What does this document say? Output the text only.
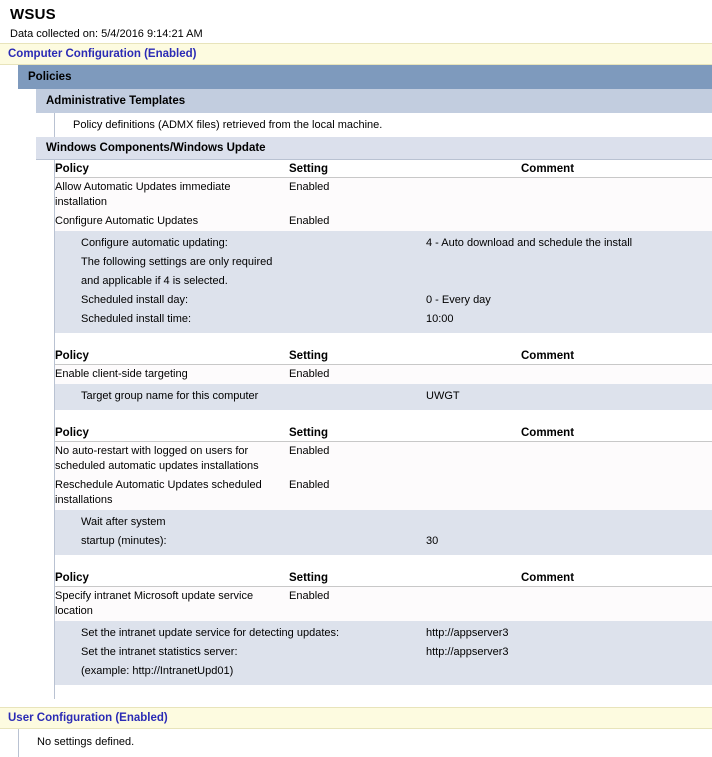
WSUS
Data collected on: 5/4/2016 9:14:21 AM
Computer Configuration (Enabled)
Policies
Administrative Templates
Policy definitions (ADMX files) retrieved from the local machine.
Windows Components/Windows Update
Policy	Setting	Comment
Allow Automatic Updates immediate installation	Enabled	
Configure Automatic Updates	Enabled	

Configure automatic updating:	4 - Auto download and schedule the install
The following settings are only required	
and applicable if 4 is selected.	
Scheduled install day:	0 - Every day
Scheduled install time:	10:00
Policy	Setting	Comment
Enable client-side targeting	Enabled	

Target group name for this computer	UWGT
Policy	Setting	Comment
No auto-restart with logged on users for scheduled automatic updates installations	Enabled	
Reschedule Automatic Updates scheduled installations	Enabled	

Wait after system	
startup (minutes):	30
Policy	Setting	Comment
Specify intranet Microsoft update service location	Enabled	

Set the intranet update service for detecting updates:	http://appserver3
Set the intranet statistics server:	http://appserver3
(example: http://IntranetUpd01)	
User Configuration (Enabled)
No settings defined.
